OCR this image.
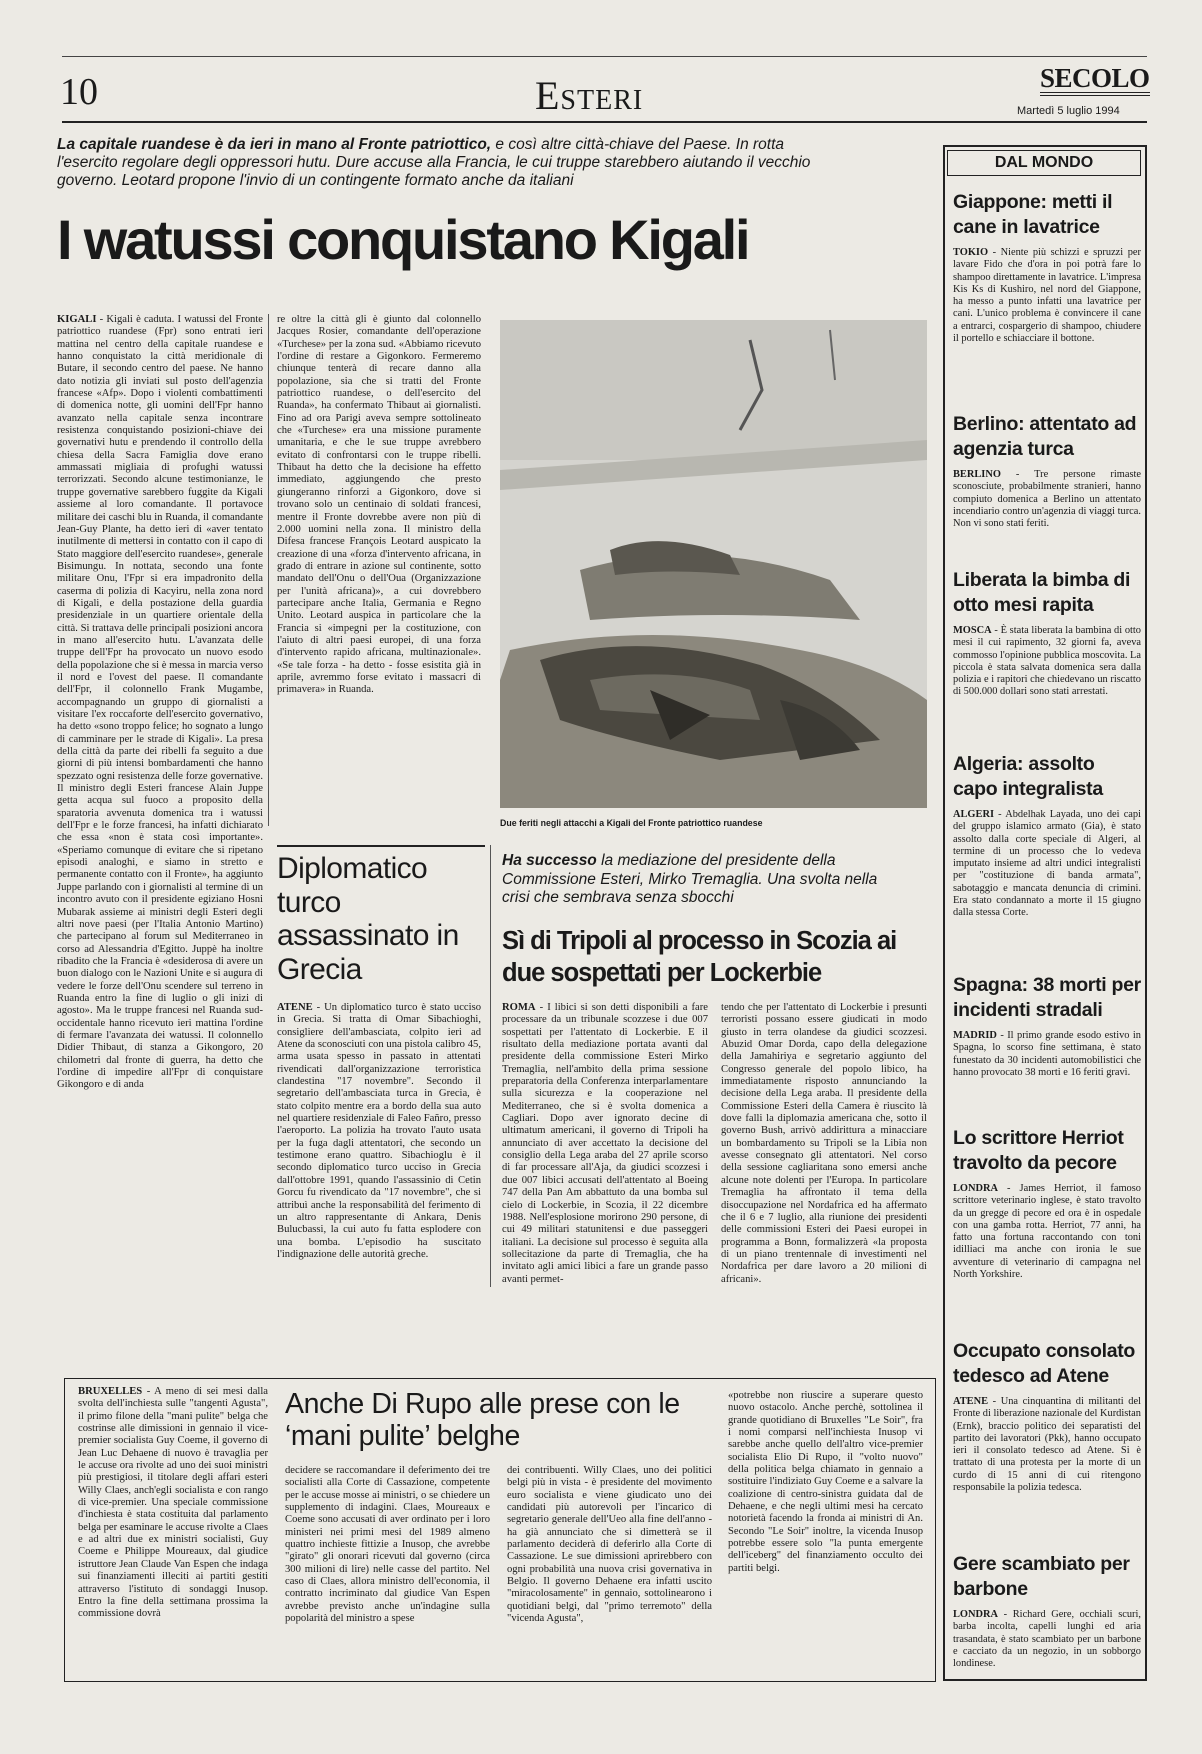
10	Esteri	SECOLO
Martedì 5 luglio 1994
La capitale ruandese è da ieri in mano al Fronte patriottico, e così altre città-chiave del Paese. In rotta l'esercito regolare degli oppressori hutu. Dure accuse alla Francia, le cui truppe starebbero aiutando il vecchio governo. Leotard propone l'invio di un contingente formato anche da italiani
I watussi conquistano Kigali
KIGALI - Kigali è caduta. I watussi del Fronte patriottico ruandese (Fpr) sono entrati ieri mattina nel centro della capitale ruandese e hanno conquistato la città meridionale di Butare, il secondo centro del paese. Ne hanno dato notizia gli inviati sul posto dell'agenzia francese «Afp». Dopo i violenti combattimenti di domenica notte, gli uomini dell'Fpr hanno avanzato nella capitale senza incontrare resistenza conquistando posizioni-chiave dei governativi hutu e prendendo il controllo della chiesa della Sacra Famiglia dove erano ammassati migliaia di profughi watussi terrorizzati. Secondo alcune testimonianze, le truppe governative sarebbero fuggite da Kigali assieme al loro comandante. Il portavoce militare dei caschi blu in Ruanda, il comandante Jean-Guy Plante, ha detto ieri di «aver tentato inutilmente di mettersi in contatto con il capo di Stato maggiore dell'esercito ruandese», generale Bisimungu. In nottata, secondo una fonte militare Onu, l'Fpr si era impadronito della caserma di polizia di Kacyiru, nella zona nord di Kigali, e della postazione della guardia presidenziale in un quartiere orientale della città. Si trattava delle principali posizioni ancora in mano all'esercito hutu. L'avanzata delle truppe dell'Fpr ha provocato un nuovo esodo della popolazione che si è messa in marcia verso il nord e l'ovest del paese. Il comandante dell'Fpr, il colonnello Frank Mugambe, accompagnando un gruppo di giornalisti a visitare l'ex roccaforte dell'esercito governativo, ha detto «sono troppo felice; ho sognato a lungo di camminare per le strade di Kigali». La presa della città da parte dei ribelli fa seguito a due giorni di più intensi bombardamenti che hanno spezzato ogni resistenza delle forze governative. Il ministro degli Esteri francese Alain Juppe getta acqua sul fuoco a proposito della sparatoria avvenuta domenica tra i watussi dell'Fpr e le forze francesi, ha infatti dichiarato che essa «non è stata così importante». «Speriamo comunque di evitare che si ripetano episodi analoghi, e siamo in stretto e permanente contatto con il Fronte», ha aggiunto Juppe parlando con i giornalisti al termine di un incontro avuto con il presidente egiziano Hosni Mubarak assieme ai ministri degli Esteri degli altri nove paesi (per l'Italia Antonio Martino) che partecipano al forum sul Mediterraneo in corso ad Alessandria d'Egitto. Juppè ha inoltre ribadito che la Francia è «desiderosa di avere un buon dialogo con le Nazioni Unite e si augura di vedere le forze dell'Onu scendere sul terreno in Ruanda entro la fine di luglio o gli inizi di agosto». Ma le truppe francesi nel Ruanda sud-occidentale hanno ricevuto ieri mattina l'ordine di fermare l'avanzata dei watussi. Il colonnello Didier Thibaut, di stanza a Gikongoro, 20 chilometri dal fronte di guerra, ha detto che l'ordine di impedire all'Fpr di conquistare Gikongoro e di anda
re oltre la città gli è giunto dal colonnello Jacques Rosier, comandante dell'operazione «Turchese» per la zona sud. «Abbiamo ricevuto l'ordine di restare a Gigonkoro. Fermeremo chiunque tenterà di recare danno alla popolazione, sia che si tratti del Fronte patriottico ruandese, o dell'esercito del Ruanda», ha confermato Thibaut ai giornalisti. Fino ad ora Parigi aveva sempre sottolineato che «Turchese» era una missione puramente umanitaria, e che le sue truppe avrebbero evitato di confrontarsi con le truppe ribelli. Thibaut ha detto che la decisione ha effetto immediato, aggiungendo che presto giungeranno rinforzi a Gigonkoro, dove si trovano solo un centinaio di soldati francesi, mentre il Fronte dovrebbe avere non più di 2.000 uomini nella zona. Il ministro della Difesa francese François Leotard auspicato la creazione di una «forza d'intervento africana, in grado di entrare in azione sul continente, sotto mandato dell'Onu o dell'Oua (Organizzazione per l'unità africana)», a cui dovrebbero partecipare anche Italia, Germania e Regno Unito. Leotard auspica in particolare che la Francia si «impegni per la costituzione, con l'aiuto di altri paesi europei, di una forza d'intervento rapido africana, multinazionale». «Se tale forza - ha detto - fosse esistita già in aprile, avremmo forse evitato i massacri di primavera» in Ruanda.
Due feriti negli attacchi a Kigali del Fronte patriottico ruandese
Diplomatico turco assassinato in Grecia
ATENE - Un diplomatico turco è stato ucciso in Grecia. Si tratta di Omar Sibachioghi, consigliere dell'ambasciata, colpito ieri ad Atene da sconosciuti con una pistola calibro 45, arma usata spesso in passato in attentati rivendicati dall'organizzazione terroristica clandestina "17 novembre". Secondo il segretario dell'ambasciata turca in Grecia, è stato colpito mentre era a bordo della sua auto nel quartiere residenziale di Faleo Fañro, presso l'aeroporto. La polizia ha trovato l'auto usata per la fuga dagli attentatori, che secondo un testimone erano quattro. Sibachioglu è il secondo diplomatico turco ucciso in Grecia dall'ottobre 1991, quando l'assassinio di Cetin Gorcu fu rivendicato da "17 novembre", che si attribuì anche la responsabilità del ferimento di un altro rappresentante di Ankara, Denis Bulucbassi, la cui auto fu fatta esplodere con una bomba. L'episodio ha suscitato l'indignazione delle autorità greche.
Ha successo la mediazione del presidente della Commissione Esteri, Mirko Tremaglia. Una svolta nella crisi che sembrava senza sbocchi
Sì di Tripoli al processo in Scozia ai due sospettati per Lockerbie
ROMA - I libici si son detti disponibili a fare processare da un tribunale scozzese i due 007 sospettati per l'attentato di Lockerbie. E il risultato della mediazione portata avanti dal presidente della commissione Esteri Mirko Tremaglia, nell'ambito della prima sessione preparatoria della Conferenza interparlamentare sulla sicurezza e la cooperazione nel Mediterraneo, che si è svolta domenica a Cagliari. Dopo aver ignorato decine di ultimatum americani, il governo di Tripoli ha annunciato di aver accettato la decisione del consiglio della Lega araba del 27 aprile scorso di far processare all'Aja, da giudici scozzesi i due 007 libici accusati dell'attentato al Boeing 747 della Pan Am abbattuto da una bomba sul cielo di Lockerbie, in Scozia, il 22 dicembre 1988. Nell'esplosione morirono 290 persone, di cui 49 militari statunitensi e due passeggeri italiani. La decisione sul processo è seguita alla sollecitazione da parte di Tremaglia, che ha invitato agli amici libici a fare un grande passo avanti permet-
tendo che per l'attentato di Lockerbie i presunti terroristi possano essere giudicati in modo giusto in terra olandese da giudici scozzesi. Abuzid Omar Dorda, capo della delegazione della Jamahiriya e segretario aggiunto del Congresso generale del popolo libico, ha immediatamente risposto annunciando la decisione della Lega araba. Il presidente della Commissione Esteri della Camera è riuscito là dove falli la diplomazia americana che, sotto il governo Bush, arrivò addirittura a minacciare un bombardamento su Tripoli se la Libia non avesse consegnato gli attentatori. Nel corso della sessione cagliaritana sono emersi anche alcune note dolenti per l'Europa. In particolare Tremaglia ha affrontato il tema della disoccupazione nel Nordafrica ed ha affermato che il 6 e 7 luglio, alla riunione dei presidenti delle commissioni Esteri dei Paesi europei in programma a Bonn, formalizzerà «la proposta di un piano trentennale di investimenti nel Nordafrica per dare lavoro a 20 milioni di africani».
BRUXELLES - A meno di sei mesi dalla svolta dell'inchiesta sulle "tangenti Agusta", il primo filone della "mani pulite" belga che costrinse alle dimissioni in gennaio il vice-premier socialista Guy Coeme, il governo di Jean Luc Dehaene di nuovo è travaglia per le accuse ora rivolte ad uno dei suoi ministri più prestigiosi, il titolare degli affari esteri Willy Claes, anch'egli socialista e con rango di vice-premier. Una speciale commissione d'inchiesta è stata costituita dal parlamento belga per esaminare le accuse rivolte a Claes e ad altri due ex ministri socialisti, Guy Coeme e Philippe Moureaux, dal giudice istruttore Jean Claude Van Espen che indaga sui finanziamenti illeciti ai partiti gestiti attraverso l'istituto di sondaggi Inusop. Entro la fine della settimana prossima la commissione dovrà
Anche Di Rupo alle prese con le ‘mani pulite’ belghe
decidere se raccomandare il deferimento dei tre socialisti alla Corte di Cassazione, competente per le accuse mosse ai ministri, o se chiedere un supplemento di indagini. Claes, Moureaux e Coeme sono accusati di aver ordinato per i loro ministeri nei primi mesi del 1989 almeno quattro inchieste fittizie a Inusop, che avrebbe "girato" gli onorari ricevuti dal governo (circa 300 milioni di lire) nelle casse del partito. Nel caso di Claes, allora ministro dell'economia, il contratto incriminato dal giudice Van Espen avrebbe previsto anche un'indagine sulla popolarità del ministro a spese
dei contribuenti. Willy Claes, uno dei politici belgi più in vista - è presidente del movimento euro socialista e viene giudicato uno dei candidati più autorevoli per l'incarico di segretario generale dell'Ueo alla fine dell'anno - ha già annunciato che si dimetterà se il parlamento deciderà di deferirlo alla Corte di Cassazione. Le sue dimissioni aprirebbero con ogni probabilità una nuova crisi governativa in Belgio. Il governo Dehaene era infatti uscito "miracolosamente" in gennaio, sottolinearono i quotidiani belgi, dal "primo terremoto" della "vicenda Agusta",
«potrebbe non riuscire a superare questo nuovo ostacolo. Anche perchè, sottolinea il grande quotidiano di Bruxelles "Le Soir", fra i nomi comparsi nell'inchiesta Inusop vi sarebbe anche quello dell'altro vice-premier socialista Elio Di Rupo, il "volto nuovo" della politica belga chiamato in gennaio a sostituire l'indiziato Guy Coeme e a salvare la coalizione di centro-sinistra guidata dal de Dehaene, e che negli ultimi mesi ha cercato notorietà facendo la fronda ai ministri di An. Secondo "Le Soir" inoltre, la vicenda Inusop potrebbe essere solo "la punta emergente dell'iceberg" del finanziamento occulto dei partiti belgi.
DAL MONDO

Giappone: metti il cane in lavatrice

TOKIO - Niente più schizzi e spruzzi per lavare Fido che d'ora in poi potrà fare lo shampoo direttamente in lavatrice. L'impresa Kis Ks di Kushiro, nel nord del Giappone, ha messo a punto infatti una lavatrice per cani. L'unico problema è convincere il cane a entrarci, cospargerio di shampoo, chiudere il portello e schiacciare il bottone.

Berlino: attentato ad agenzia turca

BERLINO - Tre persone rimaste sconosciute, probabilmente stranieri, hanno compiuto domenica a Berlino un attentato incendiario contro un'agenzia di viaggi turca. Non vi sono stati feriti.

Liberata la bimba di otto mesi rapita

MOSCA - È stata liberata la bambina di otto mesi il cui rapimento, 32 giorni fa, aveva commosso l'opinione pubblica moscovita. La piccola è stata salvata domenica sera dalla polizia e i rapitori che chiedevano un riscatto di 500.000 dollari sono stati arrestati.

Algeria: assolto capo integralista

ALGERI - Abdelhak Layada, uno dei capi del gruppo islamico armato (Gia), è stato assolto dalla corte speciale di Algeri, al termine di un processo che lo vedeva imputato insieme ad altri undici integralisti per "costituzione di banda armata", sabotaggio e mancata denuncia di crimini. Era stato condannato a morte il 15 giugno dalla stessa Corte.

Spagna: 38 morti per incidenti stradali

MADRID - Il primo grande esodo estivo in Spagna, lo scorso fine settimana, è stato funestato da 30 incidenti automobilistici che hanno provocato 38 morti e 16 feriti gravi.

Lo scrittore Herriot travolto da pecore

LONDRA - James Herriot, il famoso scrittore veterinario inglese, è stato travolto da un gregge di pecore ed ora è in ospedale con una gamba rotta. Herriot, 77 anni, ha fatto una fortuna raccontando con toni idilliaci ma anche con ironia le sue avventure di veterinario di campagna nel North Yorkshire.

Occupato consolato tedesco ad Atene

ATENE - Una cinquantina di militanti del Fronte di liberazione nazionale del Kurdistan (Ernk), braccio politico dei separatisti del partito dei lavoratori (Pkk), hanno occupato ieri il consolato tedesco ad Atene. Si è trattato di una protesta per la morte di un curdo di 15 anni di cui ritengono responsabile la polizia tedesca.

Gere scambiato per barbone

LONDRA - Richard Gere, occhiali scuri, barba incolta, capelli lunghi ed aria trasandata, è stato scambiato per un barbone e cacciato da un negozio, in un sobborgo londinese.
